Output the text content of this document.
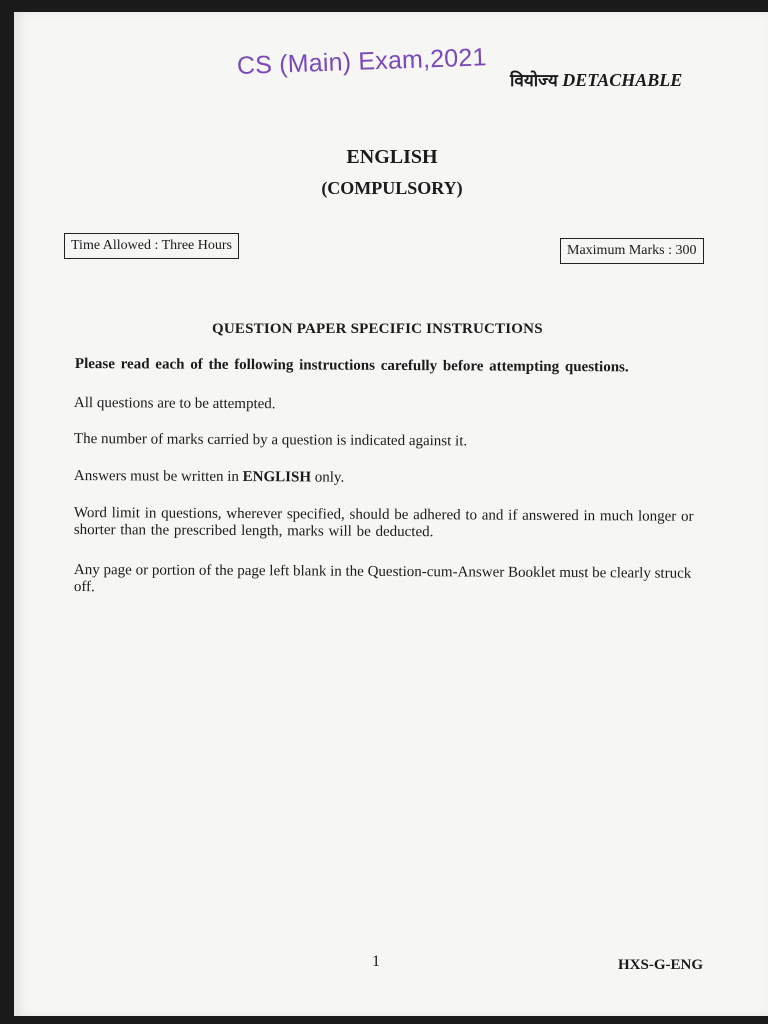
CS (Main) Exam,2021
वियोज्य DETACHABLE
ENGLISH
(COMPULSORY)
Time Allowed : Three Hours	Maximum Marks : 300
QUESTION PAPER SPECIFIC INSTRUCTIONS
Please read each of the following instructions carefully before attempting questions.
All questions are to be attempted.
The number of marks carried by a question is indicated against it.
Answers must be written in ENGLISH only.
Word limit in questions, wherever specified, should be adhered to and if answered in much longer or shorter than the prescribed length, marks will be deducted.
Any page or portion of the page left blank in the Question-cum-Answer Booklet must be clearly struck off.
1	HXS-G-ENG
